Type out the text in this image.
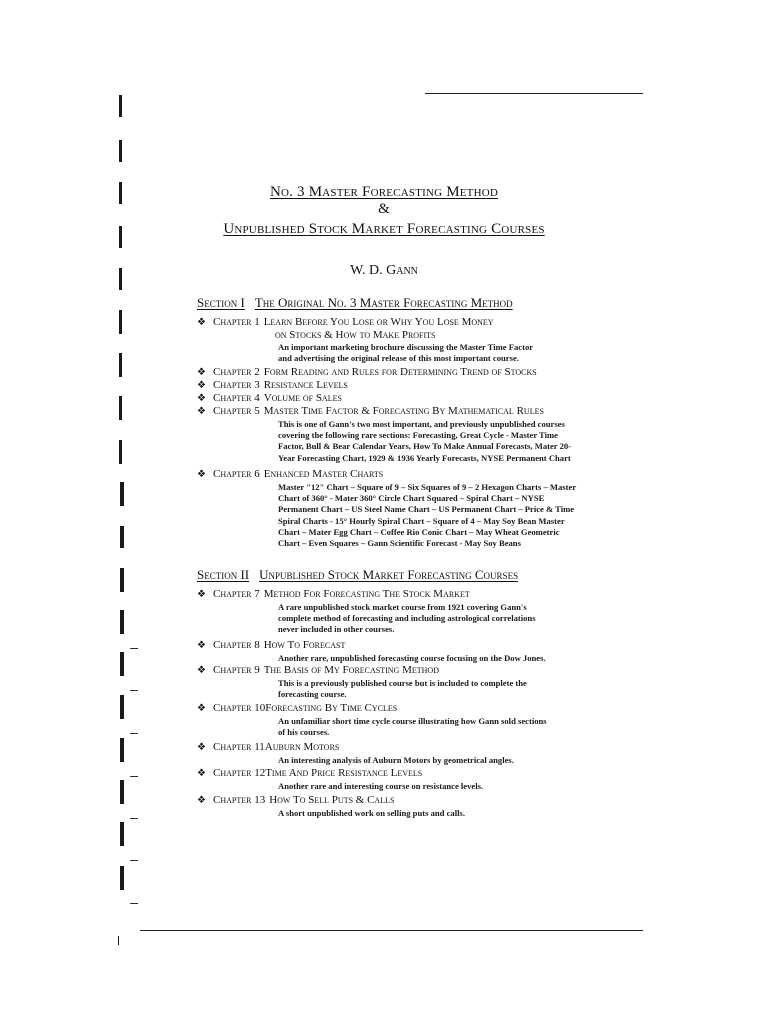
No. 3 Master Forecasting Method
&
Unpublished Stock Market Forecasting Courses
W. D. Gann
Section I The Original No. 3 Master Forecasting Method
❖ Chapter 1 Learn Before You Lose or Why You Lose Money
on Stocks & How to Make Profits
An important marketing brochure discussing the Master Time Factor
and advertising the original release of this most important course.
❖ Chapter 2 Form Reading and Rules for Determining Trend of Stocks
❖ Chapter 3 Resistance Levels
❖ Chapter 4 Volume of Sales
❖ Chapter 5 Master Time Factor & Forecasting By Mathematical Rules
This is one of Gann's two most important, and previously unpublished courses
covering the following rare sections: Forecasting, Great Cycle - Master Time
Factor, Bull & Bear Calendar Years, How To Make Annual Forecasts, Mater 20-
Year Forecasting Chart, 1929 & 1936 Yearly Forecasts, NYSE Permanent Chart
❖ Chapter 6 Enhanced Master Charts
Master "12" Chart – Square of 9 – Six Squares of 9 – 2 Hexagon Charts – Master
Chart of 360° - Mater 360° Circle Chart Squared – Spiral Chart – NYSE
Permanent Chart – US Steel Name Chart – US Permanent Chart – Price & Time
Spiral Charts - 15° Hourly Spiral Chart – Square of 4 – May Soy Bean Master
Chart – Mater Egg Chart – Coffee Rio Conic Chart – May Wheat Geometric
Chart – Even Squares – Gann Scientific Forecast - May Soy Beans
Section II Unpublished Stock Market Forecasting Courses
❖ Chapter 7 Method For Forecasting The Stock Market
A rare unpublished stock market course from 1921 covering Gann's
complete method of forecasting and including astrological correlations
never included in other courses.
❖ Chapter 8 How To Forecast
Another rare, unpublished forecasting course focusing on the Dow Jones.
❖ Chapter 9 The Basis of My Forecasting Method
This is a previously published course but is included to complete the
forecasting course.
❖ Chapter 10Forecasting By Time Cycles
An unfamiliar short time cycle course illustrating how Gann sold sections
of his courses.
❖ Chapter 11Auburn Motors
An interesting analysis of Auburn Motors by geometrical angles.
❖ Chapter 12Time And Price Resistance Levels
Another rare and interesting course on resistance levels.
❖ Chapter 13 How To Sell Puts & Calls
A short unpublished work on selling puts and calls.
